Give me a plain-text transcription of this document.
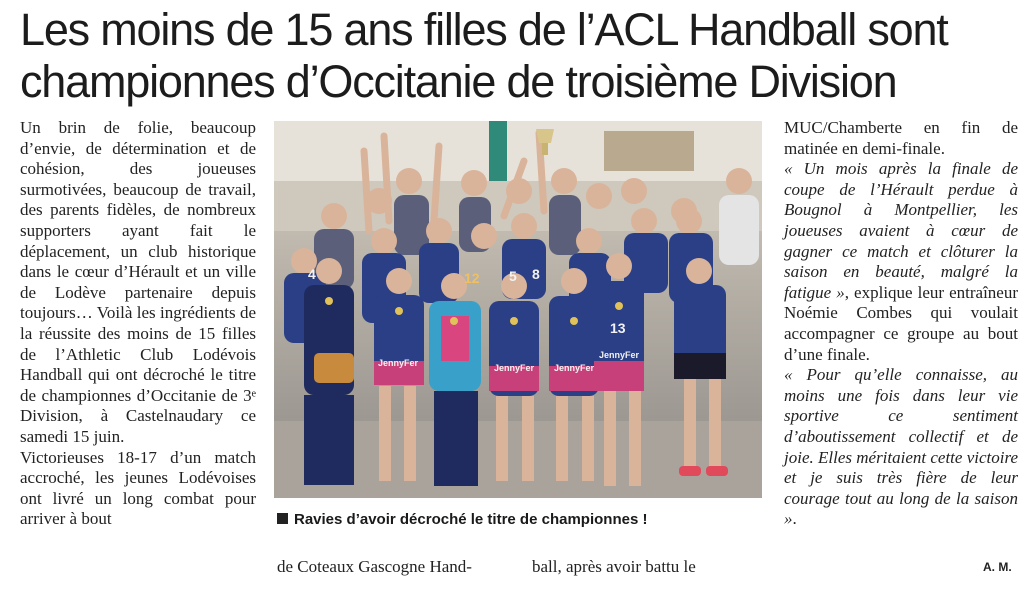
Les moins de 15 ans filles de l’ACL Handball sont
championnes d’Occitanie de troisième Division

Un brin de folie, beaucoup d’envie, de détermination et de cohésion, des joueuses surmotivées, beaucoup de travail, des parents fidèles, de nombreux supporters ayant fait le déplacement, un club historique dans le cœur d’Hérault et un ville de Lodève partenaire depuis toujours… Voilà les ingrédients de la réussite des moins de 15 filles de l’Athletic Club Lodévois Handball qui ont décroché le titre de championnes d’Occitanie de 3ᵉ Division, à Castelnaudary ce samedi 15 juin.

Victorieuses 18-17 d’un match accroché, les jeunes Lodévoises ont livré un long combat pour arriver à bout

4
13
8
12 5
JennyFer	JennyFer JennyFer
JennyFer
Ravies d’avoir décroché le titre de championnes !
de Coteaux Gascogne Hand-	ball, après avoir battu le

MUC/Chamberte en fin de matinée en demi-finale.

« Un mois après la finale de coupe de l’Hérault perdue à Bougnol à Montpellier, les joueuses avaient à cœur de gagner ce match et clôturer la saison en beauté, malgré la fatigue », explique leur entraîneur Noémie Combes qui voulait accompagner ce groupe au bout d’une finale.

« Pour qu’elle connaisse, au moins une fois dans leur vie sportive ce sentiment d’aboutissement collectif et de joie. Elles méritaient cette victoire et je suis très fière de leur courage tout au long de la saison ».

A. M.
